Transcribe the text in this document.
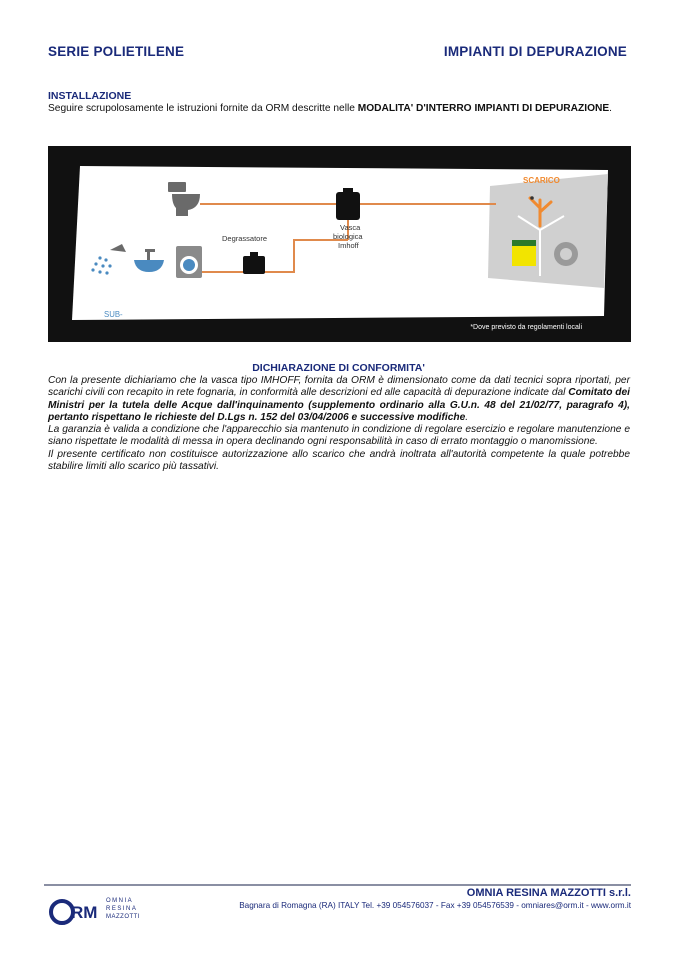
SERIE POLIETILENE	IMPIANTI DI DEPURAZIONE
INSTALLAZIONE
Seguire scrupolosamente le istruzioni fornite da ORM descritte nelle MODALITA' D'INTERRO IMPIANTI DI DEPURAZIONE.
Degrassatore
Vasca
biologica
Imhoff
SCARICO
SUB-IRRIGAZIONE TABELLA 3 / PUBBLICA FOGNATURA TABELLA 3 / A TRATTAMENTO SECONDARIO
*Dove previsto da regolamenti locali
DICHIARAZIONE DI CONFORMITA'

Con la presente dichiariamo che la vasca tipo IMHOFF, fornita da ORM è dimensionato come da dati tecnici sopra riportati, per scarichi civili con recapito in rete fognaria, in conformità alle descrizioni ed alle capacità di depurazione indicate dal Comitato dei Ministri per la tutela delle Acque dall'inquinamento (supplemento ordinario alla G.U.n. 48 del 21/02/77, paragrafo 4), pertanto rispettano le richieste del D.Lgs n. 152 del 03/04/2006 e successive modifiche.

La garanzia è valida a condizione che l'apparecchio sia mantenuto in condizione di regolare esercizio e regolare manutenzione e siano rispettate le modalità di messa in opera declinando ogni responsabilità in caso di errato montaggio o manomissione.

Il presente certificato non costituisce autorizzazione allo scarico che andrà inoltrata all'autorità competente la quale potrebbe stabilire limiti allo scarico più tassativi.

RM
OMNIA
RESINA
MAZZOTTI
OMNIA RESINA MAZZOTTI s.r.l.
Bagnara di Romagna (RA) ITALY Tel. +39 054576037 - Fax +39 054576539 - omniares@orm.it - www.orm.it
